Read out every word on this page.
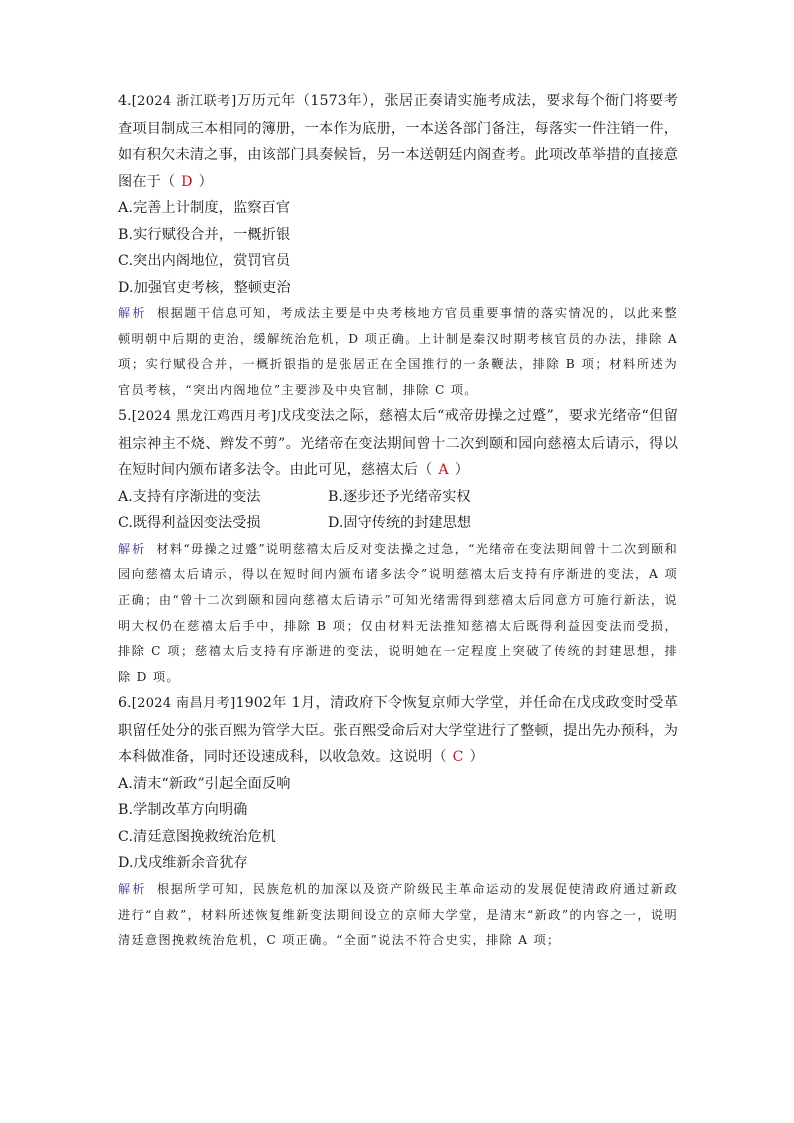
4.[2024 浙江联考]万历元年（1573年），张居正奏请实施考成法，要求每个衙门将要考查项目制成三本相同的簿册，一本作为底册，一本送各部门备注，每落实一件注销一件，如有积欠未清之事，由该部门具奏候旨，另一本送朝廷内阁查考。此项改革举措的直接意图在于（ D ）

A.完善上计制度，监察百官

B.实行赋役合并，一概折银

C.突出内阁地位，赏罚官员

D.加强官吏考核，整顿吏治

解析 根据题干信息可知，考成法主要是中央考核地方官员重要事情的落实情况的，以此来整顿明朝中后期的吏治，缓解统治危机，D 项正确。上计制是秦汉时期考核官员的办法，排除 A 项；实行赋役合并，一概折银指的是张居正在全国推行的一条鞭法，排除 B 项；材料所述为官员考核，“突出内阁地位”主要涉及中央官制，排除 C 项。

5.[2024 黑龙江鸡西月考]戊戌变法之际，慈禧太后“戒帝毋操之过蹙”，要求光绪帝“但留祖宗神主不烧、辫发不剪”。光绪帝在变法期间曾十二次到颐和园向慈禧太后请示，得以在短时间内颁布诸多法令。由此可见，慈禧太后（ A ）

A.支持有序渐进的变法	B.逐步还予光绪帝实权
C.既得利益因变法受损	D.固守传统的封建思想

解析 材料“毋操之过蹙”说明慈禧太后反对变法操之过急，“光绪帝在变法期间曾十二次到颐和园向慈禧太后请示，得以在短时间内颁布诸多法令”说明慈禧太后支持有序渐进的变法，A 项正确；由“曾十二次到颐和园向慈禧太后请示”可知光绪需得到慈禧太后同意方可施行新法，说明大权仍在慈禧太后手中，排除 B 项；仅由材料无法推知慈禧太后既得利益因变法而受损，排除 C 项；慈禧太后支持有序渐进的变法，说明她在一定程度上突破了传统的封建思想，排除 D 项。

6.[2024 南昌月考]1902年 1月，清政府下令恢复京师大学堂，并任命在戊戌政变时受革职留任处分的张百熙为管学大臣。张百熙受命后对大学堂进行了整顿，提出先办预科，为本科做准备，同时还设速成科，以收急效。这说明（ C ）

A.清末“新政”引起全面反响

B.学制改革方向明确

C.清廷意图挽救统治危机

D.戊戌维新余音犹存

解析 根据所学可知，民族危机的加深以及资产阶级民主革命运动的发展促使清政府通过新政进行“自救”，材料所述恢复维新变法期间设立的京师大学堂，是清末“新政”的内容之一，说明清廷意图挽救统治危机，C 项正确。“全面”说法不符合史实，排除 A 项；
